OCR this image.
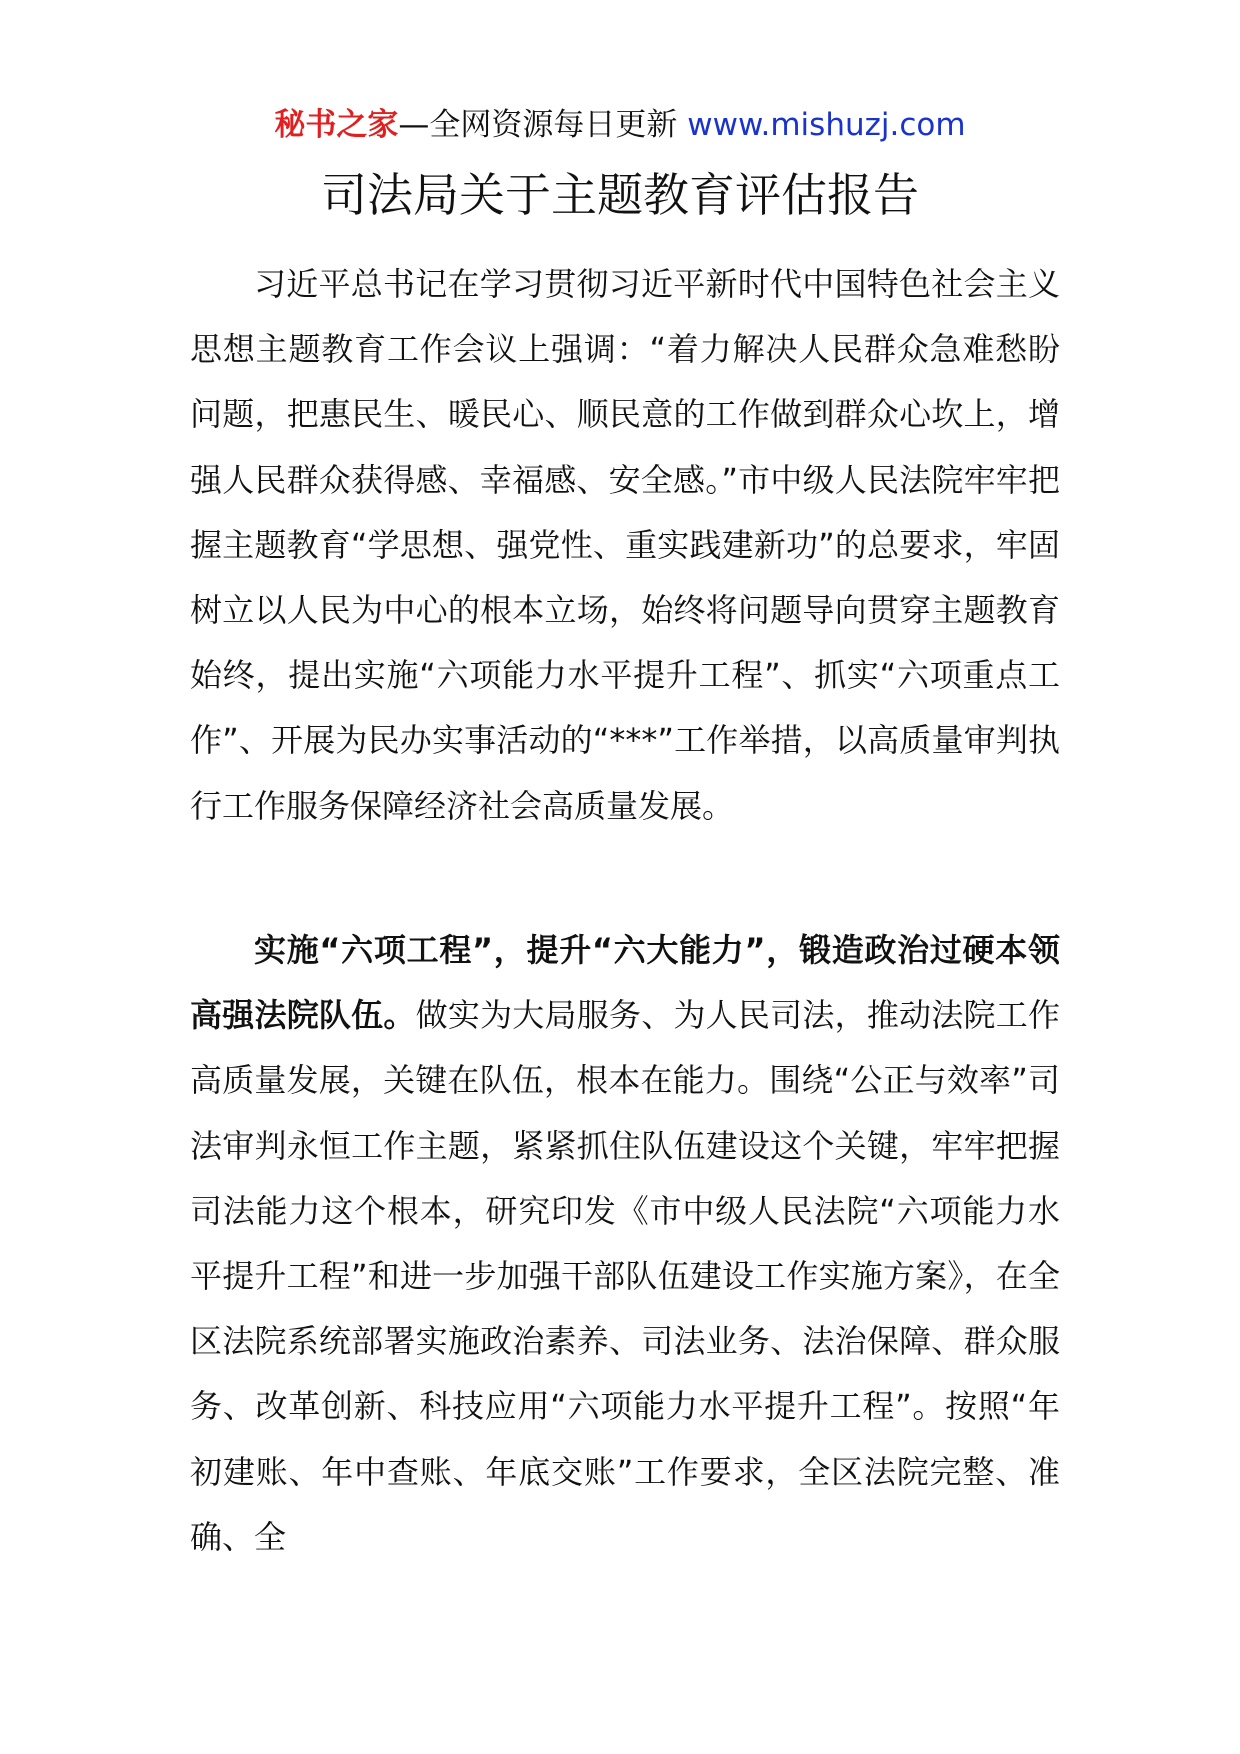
秘书之家—全网资源每日更新 www.mishuzj.com
司法局关于主题教育评估报告

习近平总书记在学习贯彻习近平新时代中国特色社会主义思想主题教育工作会议上强调：“着力解决人民群众急难愁盼问题，把惠民生、暖民心、顺民意的工作做到群众心坎上，增强人民群众获得感、幸福感、安全感。”市中级人民法院牢牢把握主题教育“学思想、强党性、重实践建新功”的总要求，牢固树立以人民为中心的根本立场，始终将问题导向贯穿主题教育始终，提出实施“六项能力水平提升工程”、抓实“六项重点工作”、开展为民办实事活动的“***”工作举措，以高质量审判执行工作服务保障经济社会高质量发展。

实施“六项工程”，提升“六大能力”，锻造政治过硬本领高强法院队伍。做实为大局服务、为人民司法，推动法院工作高质量发展，关键在队伍，根本在能力。围绕“公正与效率”司法审判永恒工作主题，紧紧抓住队伍建设这个关键，牢牢把握司法能力这个根本，研究印发《市中级人民法院“六项能力水平提升工程”和进一步加强干部队伍建设工作实施方案》，在全区法院系统部署实施政治素养、司法业务、法治保障、群众服务、改革创新、科技应用“六项能力水平提升工程”。按照“年初建账、年中查账、年底交账”工作要求，全区法院完整、准确、全
